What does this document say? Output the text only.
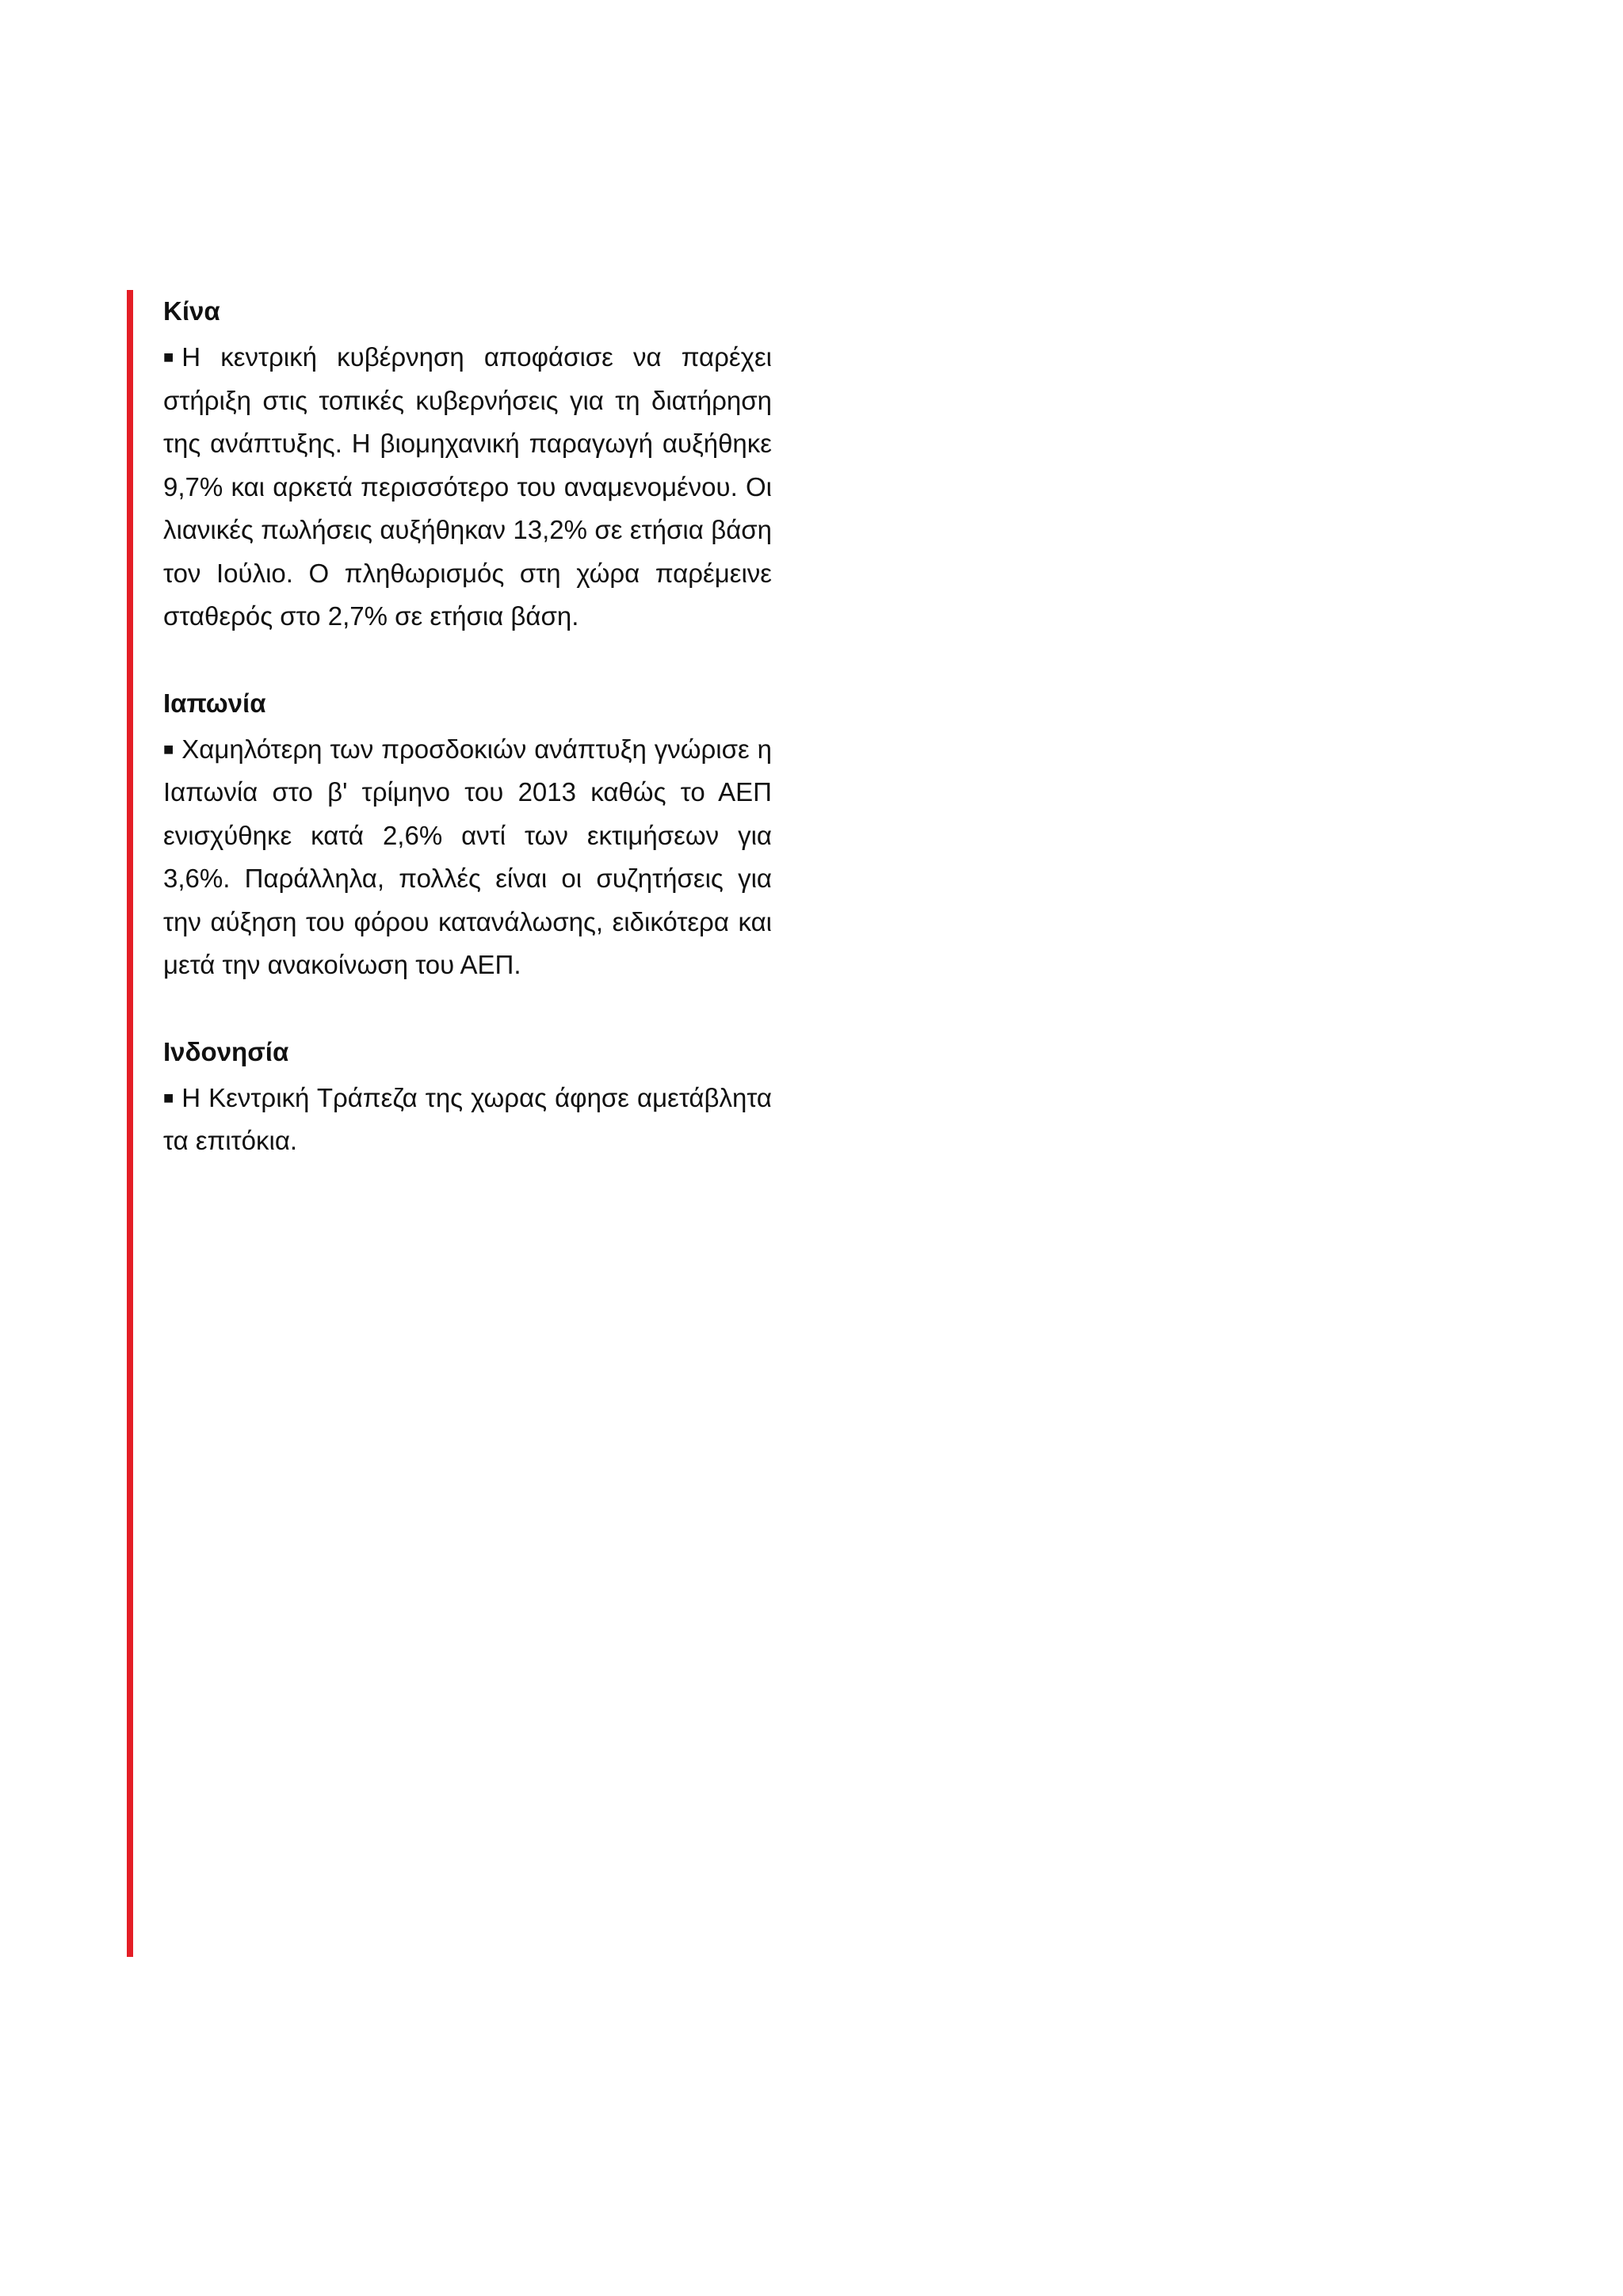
Κίνα

■ Η κεντρική κυβέρνηση αποφάσισε να παρέχει στήριξη στις τοπικές κυβερνήσεις για τη διατήρηση της ανάπτυξης. Η βιομηχανική παραγωγή αυξήθηκε 9,7% και αρκετά περισσότερο του αναμενομένου. Οι λιανικές πωλήσεις αυξήθηκαν 13,2% σε ετήσια βάση τον Ιούλιο. Ο πληθωρισμός στη χώρα παρέμεινε σταθερός στο 2,7% σε ετήσια βάση.

Ιαπωνία

■ Χαμηλότερη των προσδοκιών ανάπτυξη γνώρισε η Ιαπωνία στο β' τρίμηνο του 2013 καθώς το ΑΕΠ ενισχύθηκε κατά 2,6% αντί των εκτιμήσεων για 3,6%. Παράλληλα, πολλές είναι οι συζητήσεις για την αύξηση του φόρου κατανάλωσης, ειδικότερα και μετά την ανακοίνωση του ΑΕΠ.

Ινδονησία

■ Η Κεντρική Τράπεζα της χωρας άφησε αμετάβλητα τα επιτόκια.
